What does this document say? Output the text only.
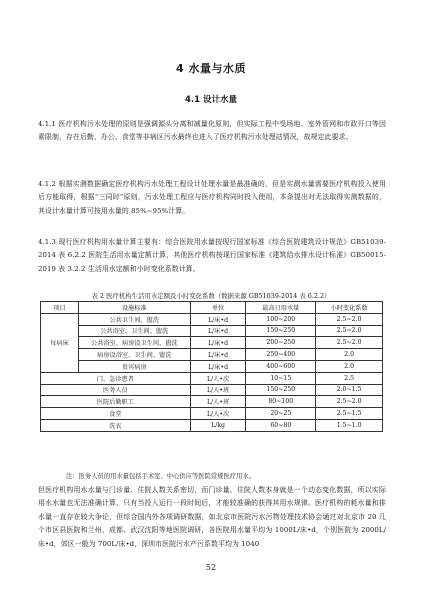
4 水量与水质
4.1 设计水量
4.1.1 医疗机构污水处理的原则是强调源头分离和减量化原则，但实际工程中受场地、室外管网和市政开口等因素限制，存在后勤、办公、食堂等非病区污水最终也进入了医疗机构污水处理站情况，故规定此要求。
4.1.2 根据实测数据确定医疗机构污水处理工程设计处理水量是最准确的，但是实测水量需要医疗机构投入使用后方能取得，根据“三同时”原则，污水处理工程应与医疗机构同时投入使用，本条提出对无法取得实测数据的，其设计水量计算可按用水量的 85%~95%计算。
4.1.3 现行医疗机构用水量计算主要有：综合医院用水量按现行国家标准《综合医院建筑设计规范》GB51039-2014 表 6.2.2 医院生活用水量定额计算，其他医疗机构按现行国家标准《建筑给水排水设计标准》GB50015-2019 表 3.2.2 生活用水定额和小时变化系数计算。
表 2 医疗机构生活用水定额及小时变化系数（数据来源 GB51039-2014 表 6.2.2）
项目	设施标准	单位	最高日用水量	小时变化系数
每病床	公共卫生间、盥洗	L/床•d	100~200	2.5~2.0
	公共浴室、卫生间、盥洗	L/床•d	150~250	2.5~2.0
	公共浴室、病房设卫生间、盥洗	L/床•d	200~250	2.5~2.0
	病房设浴室、卫生间、盥洗	L/床•d	250~400	2.0
	贵宾病房	L/床•d	400~600	2.0
门、急诊患者		L/人•次	10~15	2.5
医务人员		L/人•班	150~250	2.0~1.5
医院后勤职工		L/人•班	80~100	2.5~2.0
食堂		L/人•次	20~25	2.5~1.5
洗衣		L/kg	60~80	1.5~1.0
注：医务人员的用水量包括手术室、中心供应等医院常规医疗用水。
但医疗机构用水水量与门诊量、住院人数关系密切，而门诊量、住院人数本身就是一个动态变化数据，所以实际用水水量也无法准确计算，只有当投入运行一段时间后，才能较准确的获得其用水规律。医疗机构的耗水量和排水量一直存在较大争论，但综合国内外各项调研数据，如北京市医院污水污物处理技术协会通过对北京市 20 几个市区县医院和兰州、成都、武汉沈阳等地医院调研，各医院用水量平均为 1000L/床•d，个别医院为 2000L/床•d，郊区一般为 700L/床•d，深圳市医院污水产污系数平均为 1040
52
